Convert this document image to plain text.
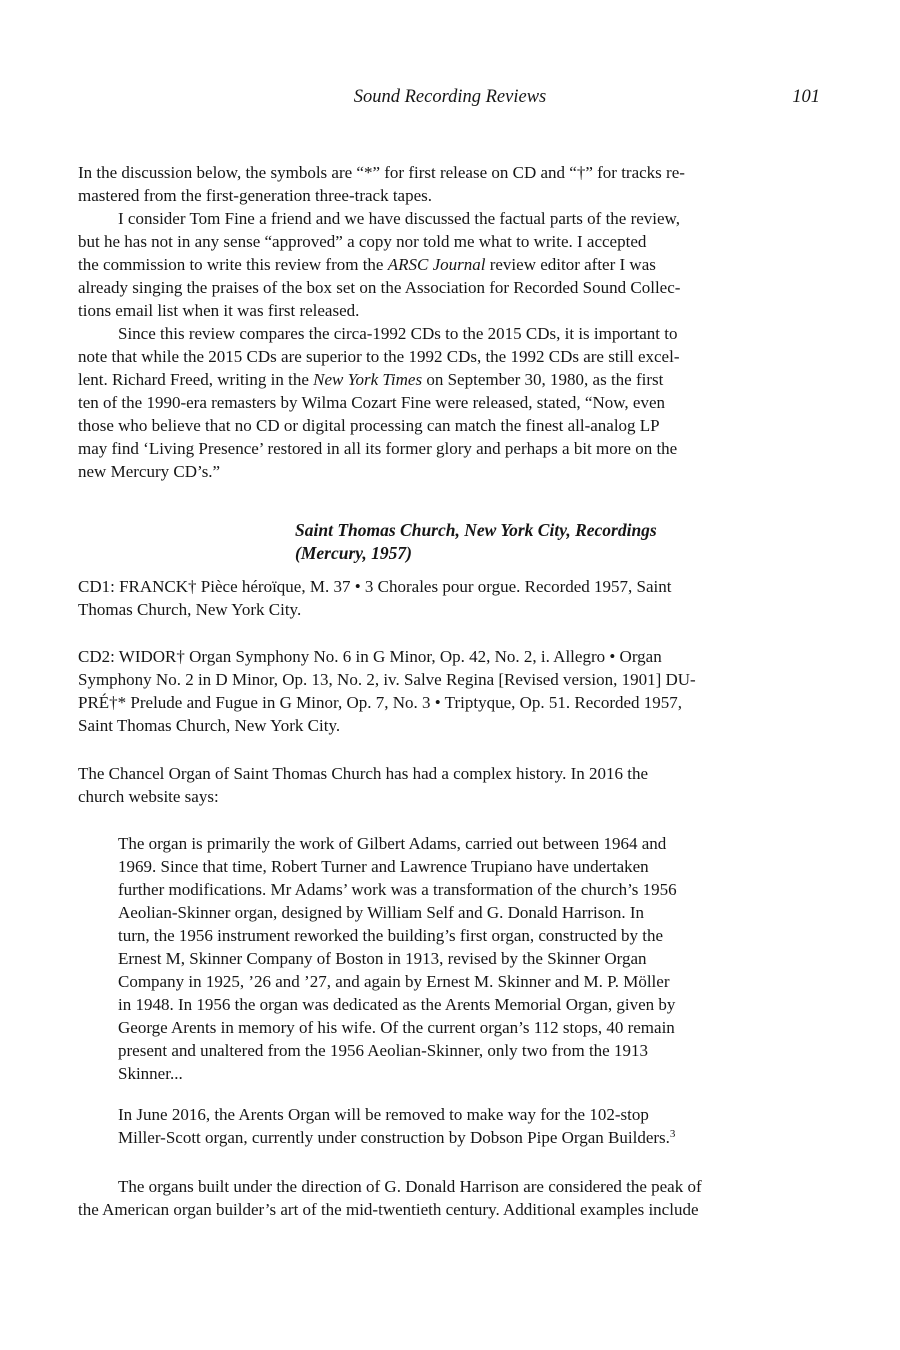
Sound Recording Reviews	101
In the discussion below, the symbols are “*” for first release on CD and “†” for tracks re-
mastered from the first-generation three-track tapes.
I consider Tom Fine a friend and we have discussed the factual parts of the review,
but he has not in any sense “approved” a copy nor told me what to write. I accepted
the commission to write this review from the ARSC Journal review editor after I was
already singing the praises of the box set on the Association for Recorded Sound Collec-
tions email list when it was first released.
Since this review compares the circa-1992 CDs to the 2015 CDs, it is important to
note that while the 2015 CDs are superior to the 1992 CDs, the 1992 CDs are still excel-
lent. Richard Freed, writing in the New York Times on September 30, 1980, as the first
ten of the 1990-era remasters by Wilma Cozart Fine were released, stated, “Now, even
those who believe that no CD or digital processing can match the finest all-analog LP
may find ‘Living Presence’ restored in all its former glory and perhaps a bit more on the
new Mercury CD’s.”
Saint Thomas Church, New York City, Recordings
(Mercury, 1957)
CD1: FRANCK† Pièce héroïque, M. 37 • 3 Chorales pour orgue. Recorded 1957, Saint
Thomas Church, New York City.
CD2: WIDOR† Organ Symphony No. 6 in G Minor, Op. 42, No. 2, i. Allegro • Organ
Symphony No. 2 in D Minor, Op. 13, No. 2, iv. Salve Regina [Revised version, 1901] DU-
PRÉ†* Prelude and Fugue in G Minor, Op. 7, No. 3 • Triptyque, Op. 51. Recorded 1957,
Saint Thomas Church, New York City.
The Chancel Organ of Saint Thomas Church has had a complex history. In 2016 the
church website says:
The organ is primarily the work of Gilbert Adams, carried out between 1964 and
1969. Since that time, Robert Turner and Lawrence Trupiano have undertaken
further modifications. Mr Adams’ work was a transformation of the church’s 1956
Aeolian-Skinner organ, designed by William Self and G. Donald Harrison. In
turn, the 1956 instrument reworked the building’s first organ, constructed by the
Ernest M, Skinner Company of Boston in 1913, revised by the Skinner Organ
Company in 1925, ’26 and ’27, and again by Ernest M. Skinner and M. P. Möller
in 1948. In 1956 the organ was dedicated as the Arents Memorial Organ, given by
George Arents in memory of his wife. Of the current organ’s 112 stops, 40 remain
present and unaltered from the 1956 Aeolian-Skinner, only two from the 1913
Skinner...
In June 2016, the Arents Organ will be removed to make way for the 102-stop
Miller-Scott organ, currently under construction by Dobson Pipe Organ Builders.$^3$
The organs built under the direction of G. Donald Harrison are considered the peak of
the American organ builder’s art of the mid-twentieth century. Additional examples include
